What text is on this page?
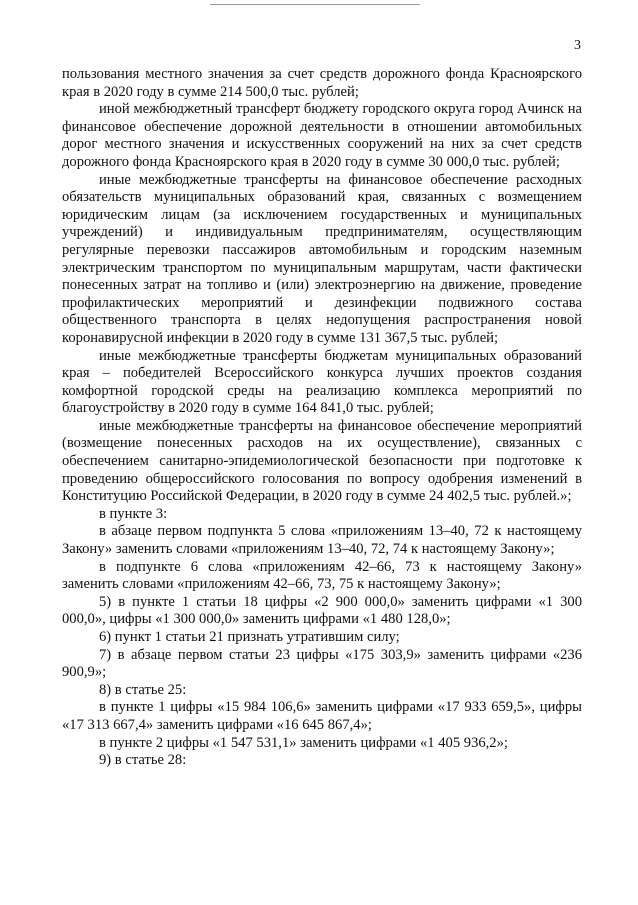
3

пользования местного значения за счет средств дорожного фонда Красноярского края в 2020 году в сумме 214 500,0 тыс. рублей;

иной межбюджетный трансферт бюджету городского округа город Ачинск на финансовое обеспечение дорожной деятельности в отношении автомобильных дорог местного значения и искусственных сооружений на них за счет средств дорожного фонда Красноярского края в 2020 году в сумме 30 000,0 тыс. рублей;

иные межбюджетные трансферты на финансовое обеспечение расходных обязательств муниципальных образований края, связанных с возмещением юридическим лицам (за исключением государственных и муниципальных учреждений) и индивидуальным предпринимателям, осуществляющим регулярные перевозки пассажиров автомобильным и городским наземным электрическим транспортом по муниципальным маршрутам, части фактически понесенных затрат на топливо и (или) электроэнергию на движение, проведение профилактических мероприятий и дезинфекции подвижного состава общественного транспорта в целях недопущения распространения новой коронавирусной инфекции в 2020 году в сумме 131 367,5 тыс. рублей;

иные межбюджетные трансферты бюджетам муниципальных образований края – победителей Всероссийского конкурса лучших проектов создания комфортной городской среды на реализацию комплекса мероприятий по благоустройству в 2020 году в сумме 164 841,0 тыс. рублей;

иные межбюджетные трансферты на финансовое обеспечение мероприятий (возмещение понесенных расходов на их осуществление), связанных с обеспечением санитарно-эпидемиологической безопасности при подготовке к проведению общероссийского голосования по вопросу одобрения изменений в Конституцию Российской Федерации, в 2020 году в сумме 24 402,5 тыс. рублей.»;

в пункте 3:

в абзаце первом подпункта 5 слова «приложениям 13–40, 72 к настоящему Закону» заменить словами «приложениям 13–40, 72, 74 к настоящему Закону»;

в подпункте 6 слова «приложениям 42–66, 73 к настоящему Закону» заменить словами «приложениям 42–66, 73, 75 к настоящему Закону»;

5) в пункте 1 статьи 18 цифры «2 900 000,0» заменить цифрами «1 300 000,0», цифры «1 300 000,0» заменить цифрами «1 480 128,0»;

6) пункт 1 статьи 21 признать утратившим силу;

7) в абзаце первом статьи 23 цифры «175 303,9» заменить цифрами «236 900,9»;

8) в статье 25:

в пункте 1 цифры «15 984 106,6» заменить цифрами «17 933 659,5», цифры «17 313 667,4» заменить цифрами «16 645 867,4»;

в пункте 2 цифры «1 547 531,1» заменить цифрами «1 405 936,2»;

9) в статье 28:
